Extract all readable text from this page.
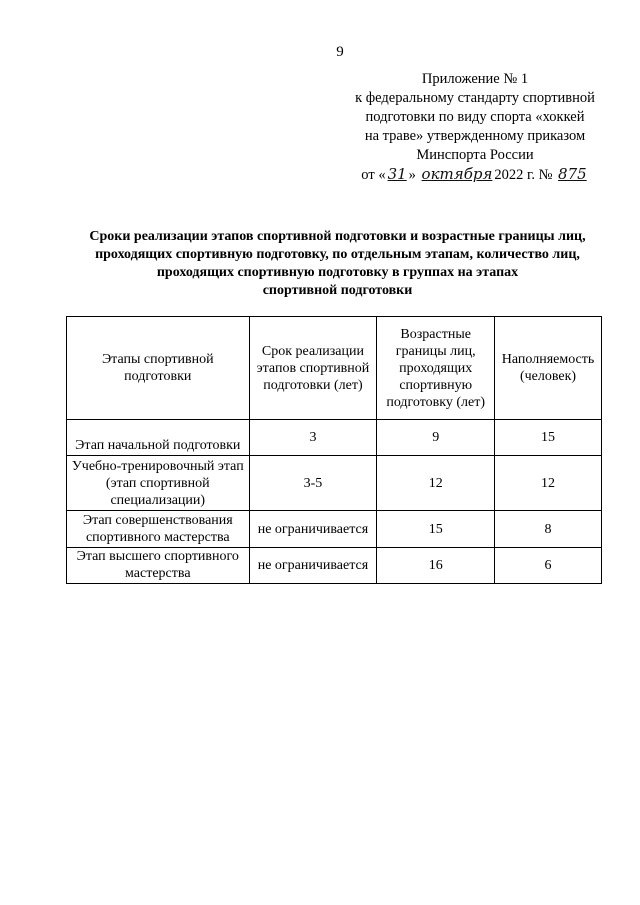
9
Приложение № 1
к федеральному стандарту спортивной
подготовки по виду спорта «хоккей
на траве» утвержденному приказом
Минспорта России
от « 31 » октября 2022 г. № 875
Сроки реализации этапов спортивной подготовки и возрастные границы лиц,
проходящих спортивную подготовку, по отдельным этапам, количество лиц,
проходящих спортивную подготовку в группах на этапах
спортивной подготовки
Этапы спортивной подготовки	Срок реализации этапов спортивной подготовки (лет)	Возрастные границы лиц, проходящих спортивную подготовку (лет)	Наполняемость (человек)
Этап начальной подготовки	3	9	15
Учебно-тренировочный этап (этап спортивной специализации)	3-5	12	12
Этап совершенствования спортивного мастерства	не ограничивается	15	8
Этап высшего спортивного мастерства	не ограничивается	16	6
